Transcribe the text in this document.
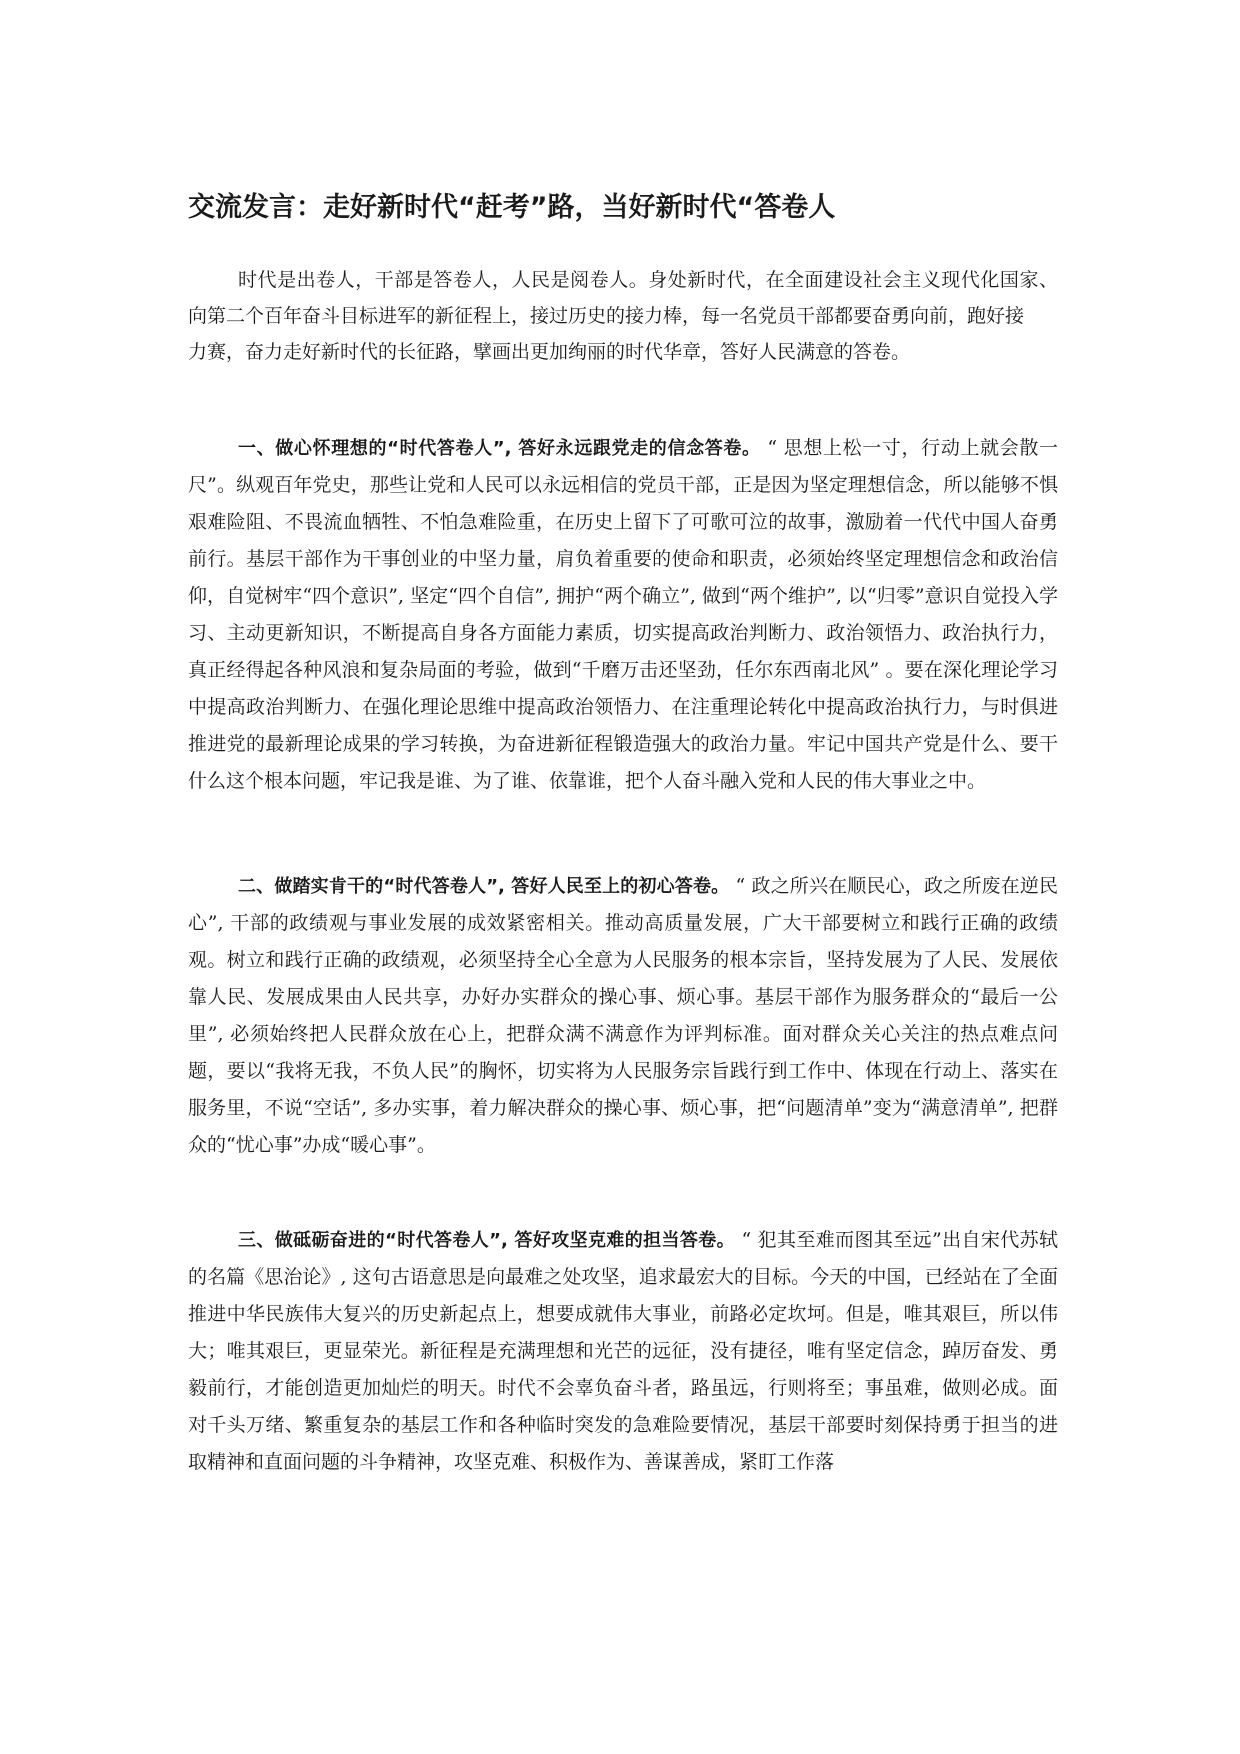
交流发言：走好新时代“赶考”路，当好新时代“答卷人

时代是出卷人，干部是答卷人，人民是阅卷人。身处新时代，在全面建设社会主义现代化国家、 向第二个百年奋斗目标进军的新征程上，接过历史的接力棒，每一名党员干部都要奋勇向前，跑好接

力赛，奋力走好新时代的长征路，擘画出更加绚丽的时代华章，答好人民满意的答卷。

一、做心怀理想的“时代答卷人”, 答好永远跟党走的信念答卷。 “ 思想上松一寸，行动上就会散一尺”。纵观百年党史，那些让党和人民可以永远相信的党员干部，正是因为坚定理想信念，所以能够不惧艰难险阻、不畏流血牺牲、不怕急难险重，在历史上留下了可歌可泣的故事，激励着一代代中国人奋勇前行。基层干部作为干事创业的中坚力量，肩负着重要的使命和职责，必须始终坚定理想信念和政治信仰，自觉树牢“四个意识”, 坚定“四个自信”, 拥护“两个确立”, 做到“两个维护”, 以“归零”意识自觉投入学习、主动更新知识，不断提高自身各方面能力素质，切实提高政治判断力、政治领悟力、政治执行力，真正经得起各种风浪和复杂局面的考验，做到“千磨万击还坚劲，任尔东西南北风” 。要在深化理论学习中提高政治判断力、在强化理论思维中提高政治领悟力、在注重理论转化中提高政治执行力，与时俱进推进党的最新理论成果的学习转换，为奋进新征程锻造强大的政治力量。牢记中国共产党是什么、要干什么这个根本问题，牢记我是谁、为了谁、依靠谁，把个人奋斗融入党和人民的伟大事业之中。

二、做踏实肯干的“时代答卷人”, 答好人民至上的初心答卷。 “ 政之所兴在顺民心，政之所废在逆民心”, 干部的政绩观与事业发展的成效紧密相关。推动高质量发展，广大干部要树立和践行正确的政绩观。树立和践行正确的政绩观，必须坚持全心全意为人民服务的根本宗旨，坚持发展为了人民、发展依靠人民、发展成果由人民共享，办好办实群众的操心事、烦心事。基层干部作为服务群众的“最后一公里”, 必须始终把人民群众放在心上，把群众满不满意作为评判标准。面对群众关心关注的热点难点问题，要以“我将无我，不负人民”的胸怀，切实将为人民服务宗旨践行到工作中、体现在行动上、落实在服务里，不说“空话”, 多办实事，着力解决群众的操心事、烦心事，把“问题清单”变为“满意清单”, 把群众的“忧心事”办成“暖心事”。

三、做砥砺奋进的“时代答卷人”, 答好攻坚克难的担当答卷。 “ 犯其至难而图其至远”出自宋代苏轼的名篇《思治论》, 这句古语意思是向最难之处攻坚，追求最宏大的目标。今天的中国，已经站在了全面推进中华民族伟大复兴的历史新起点上，想要成就伟大事业，前路必定坎坷。但是，唯其艰巨，所以伟大；唯其艰巨，更显荣光。新征程是充满理想和光芒的远征，没有捷径，唯有坚定信念，踔厉奋发、勇毅前行，才能创造更加灿烂的明天。时代不会辜负奋斗者，路虽远，行则将至；事虽难，做则必成。面对千头万绪、繁重复杂的基层工作和各种临时突发的急难险要情况，基层干部要时刻保持勇于担当的进取精神和直面问题的斗争精神，攻坚克难、积极作为、善谋善成，紧盯工作落
